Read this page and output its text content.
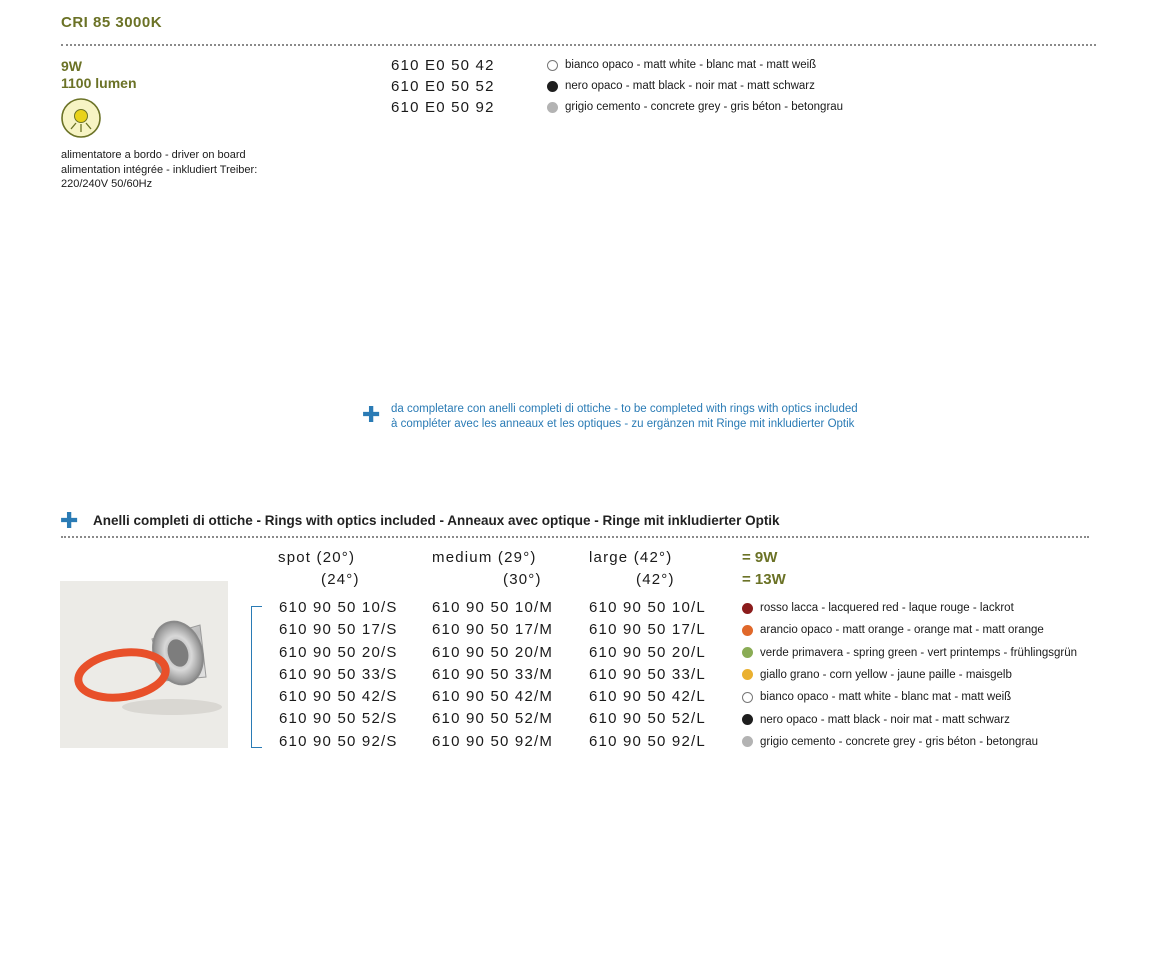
CRI 85 3000K
9W
1100 lumen
alimentatore a bordo - driver on board
alimentation intégrée - inkludiert Treiber:
220/240V 50/60Hz
610 E0 50 42
610 E0 50 52
610 E0 50 92
bianco opaco - matt white - blanc mat - matt weiß
nero opaco - matt black - noir mat - matt schwarz
grigio cemento - concrete grey - gris béton - betongrau
✚ da completare con anelli completi di ottiche - to be completed with rings with optics included
à compléter avec les anneaux et les optiques - zu ergänzen mit Ringe mit inkludierter Optik
✚ Anelli completi di ottiche - Rings with optics included - Anneaux avec optique - Ringe mit inkludierter Optik
spot (20°)
(24°)
medium (29°)
(30°)
large (42°)
(42°)
= 9W
= 13W
610 90 50 10/S
610 90 50 17/S
610 90 50 20/S
610 90 50 33/S
610 90 50 42/S
610 90 50 52/S
610 90 50 92/S
610 90 50 10/M
610 90 50 17/M
610 90 50 20/M
610 90 50 33/M
610 90 50 42/M
610 90 50 52/M
610 90 50 92/M
610 90 50 10/L
610 90 50 17/L
610 90 50 20/L
610 90 50 33/L
610 90 50 42/L
610 90 50 52/L
610 90 50 92/L
rosso lacca - lacquered red - laque rouge - lackrot
arancio opaco - matt orange - orange mat - matt orange
verde primavera - spring green - vert printemps - frühlingsgrün
giallo grano - corn yellow - jaune paille - maisgelb
bianco opaco - matt white - blanc mat - matt weiß
nero opaco - matt black - noir mat - matt schwarz
grigio cemento - concrete grey - gris béton - betongrau
